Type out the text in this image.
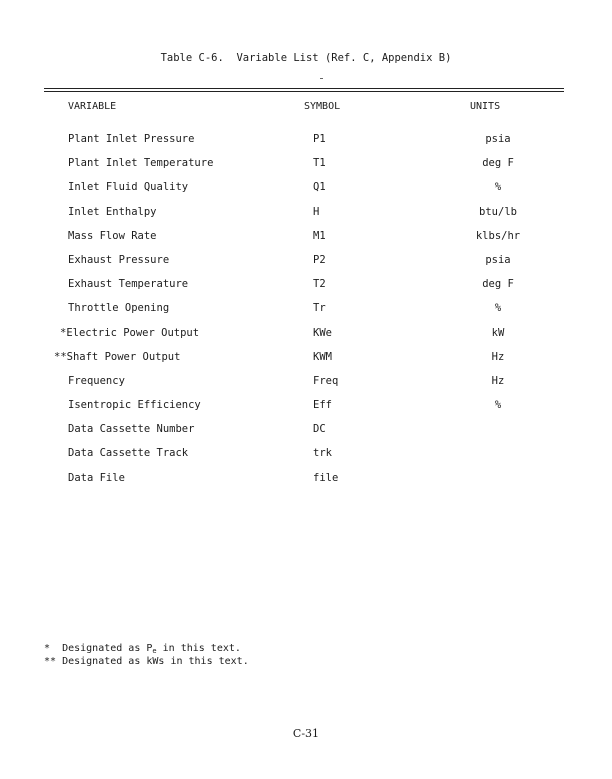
Table C-6.  Variable List (Ref. C, Appendix B)
VARIABLE	SYMBOL	UNITS
Plant Inlet Pressure	P1	psia
Plant Inlet Temperature	T1	deg F
Inlet Fluid Quality	Q1	%
Inlet Enthalpy	H	btu/lb
Mass Flow Rate	M1	klbs/hr
Exhaust Pressure	P2	psia
Exhaust Temperature	T2	deg F
Throttle Opening	Tr	%
*Electric Power Output	KWe	kW
**Shaft Power Output	KWM	Hz
Frequency	Freq	Hz
Isentropic Efficiency	Eff	%
Data Cassette Number	DC
Data Cassette Track	trk
Data File	file
* Designated as $P_e$ in this text.
** Designated as kWs in this text.
C-31
